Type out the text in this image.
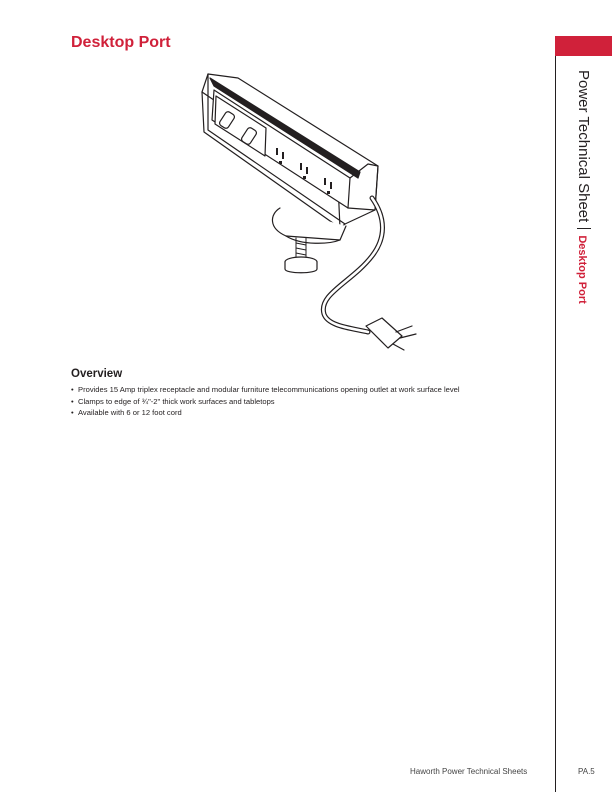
Desktop Port
Overview
• Provides 15 Amp triplex receptacle and modular furniture telecommunications opening outlet at work surface level
• Clamps to edge of ¾"-2" thick work surfaces and tabletops
• Available with 6 or 12 foot cord
Power Technical SheetDesktop Port
Haworth Power Technical Sheets	PA.5
